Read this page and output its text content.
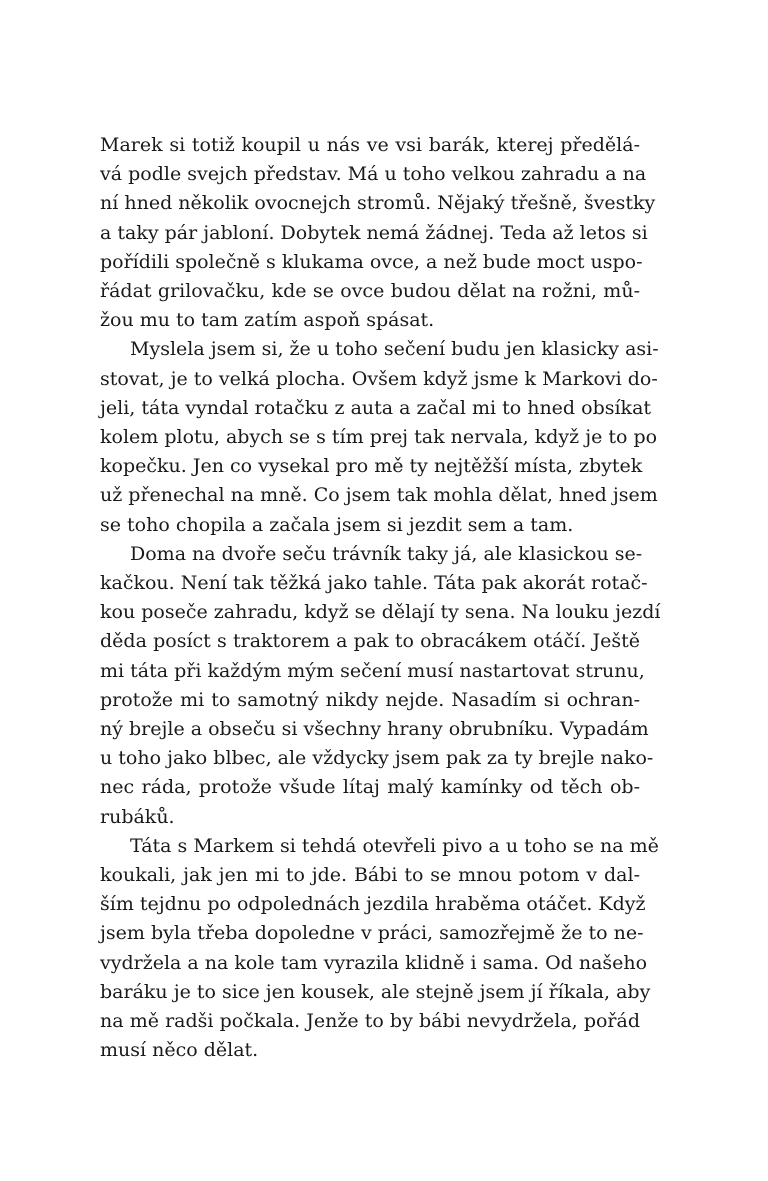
Marek si totiž koupil u nás ve vsi barák, kterej předělá-
vá podle svejch představ. Má u toho velkou zahradu a na
ní hned několik ovocnejch stromů. Nějaký třešně, švestky
a taky pár jabloní. Dobytek nemá žádnej. Teda až letos si
pořídili společně s klukama ovce, a než bude moct uspo-
řádat grilovačku, kde se ovce budou dělat na rožni, mů-
žou mu to tam zatím aspoň spásat.

Myslela jsem si, že u toho sečení budu jen klasicky asi-
stovat, je to velká plocha. Ovšem když jsme k Markovi do-
jeli, táta vyndal rotačku z auta a začal mi to hned obsíkat
kolem plotu, abych se s tím prej tak nervala, když je to po
kopečku. Jen co vysekal pro mě ty nejtěžší místa, zbytek
už přenechal na mně. Co jsem tak mohla dělat, hned jsem
se toho chopila a začala jsem si jezdit sem a tam.

Doma na dvoře seču trávník taky já, ale klasickou se-
kačkou. Není tak těžká jako tahle. Táta pak akorát rotač-
kou poseče zahradu, když se dělají ty sena. Na louku jezdí
děda posíct s traktorem a pak to obracákem otáčí. Ještě
mi táta při každým mým sečení musí nastartovat strunu,
protože mi to samotný nikdy nejde. Nasadím si ochran-
ný brejle a obseču si všechny hrany obrubníku. Vypadám
u toho jako blbec, ale vždycky jsem pak za ty brejle nako-
nec ráda, protože všude lítaj malý kamínky od těch ob-
rubáků.

Táta s Markem si tehdá otevřeli pivo a u toho se na mě
koukali, jak jen mi to jde. Bábi to se mnou potom v dal-
ším tejdnu po odpolednách jezdila hraběma otáčet. Když
jsem byla třeba dopoledne v práci, samozřejmě že to ne-
vydržela a na kole tam vyrazila klidně i sama. Od našeho
baráku je to sice jen kousek, ale stejně jsem jí říkala, aby
na mě radši počkala. Jenže to by bábi nevydržela, pořád
musí něco dělat.
